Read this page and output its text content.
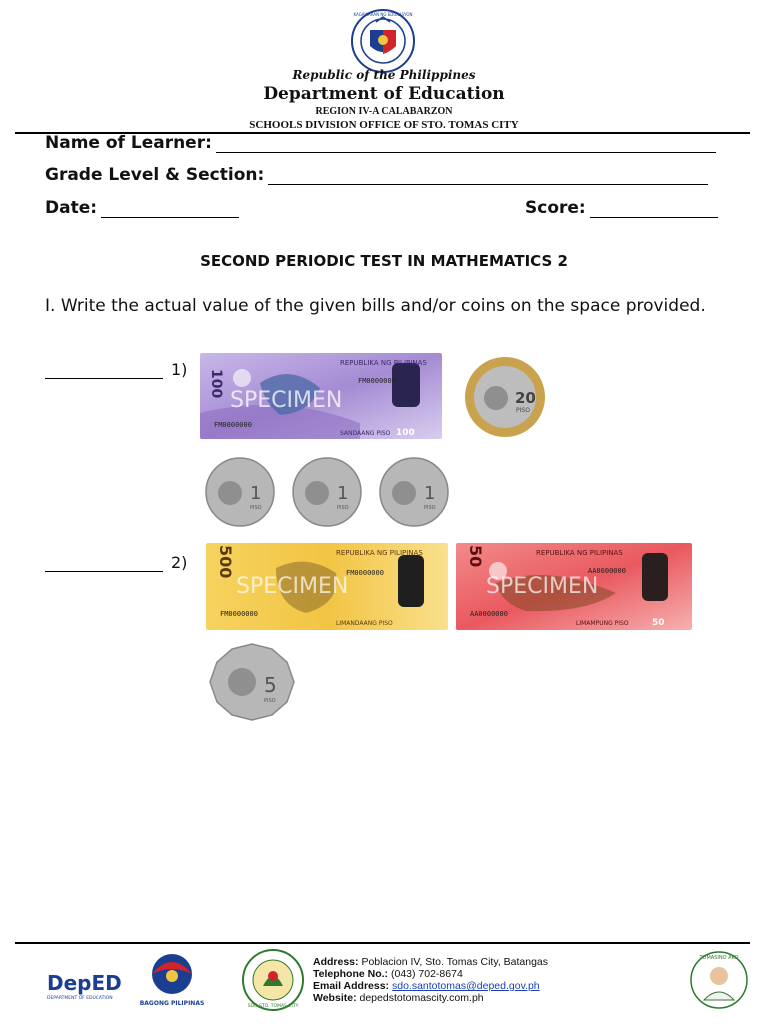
KAGAWARAN NG EDUKASYON
Republic of the Philippines
Department of Education
REGION IV-A CALABARZON
SCHOOLS DIVISION OFFICE OF STO. TOMAS CITY
Name of Learner:
Grade Level & Section:
Date:	Score:
SECOND PERIODIC TEST IN MATHEMATICS 2
I. Write the actual value of the given bills and/or coins on the space provided.
1)	REPUBLIKA NG PILIPINAS
100	FM0000000
FM0000000
SPECIMEN
SANDAANG PISO 100
20
PISO
1
PISO
1
PISO
1
PISO
2)	REPUBLIKA NG PILIPINAS
500	FM0000000
FM0000000
SPECIMEN
LIMANDAANG PISO
REPUBLIKA NG PILIPINAS
50
AA0000000
AA0000000
SPECIMEN
LIMAMPUNG PISO	50
5
PISO
DepED
DEPARTMENT OF EDUCATION
BAGONG PILIPINAS	SDO STO. TOMAS CITY
Address: Poblacion IV, Sto. Tomas City, Batangas
Telephone No.: (043) 702-8674
Email Address: sdo.santotomas@deped.gov.ph
Website: depedstotomascity.com.ph
TOMASINO AKO
